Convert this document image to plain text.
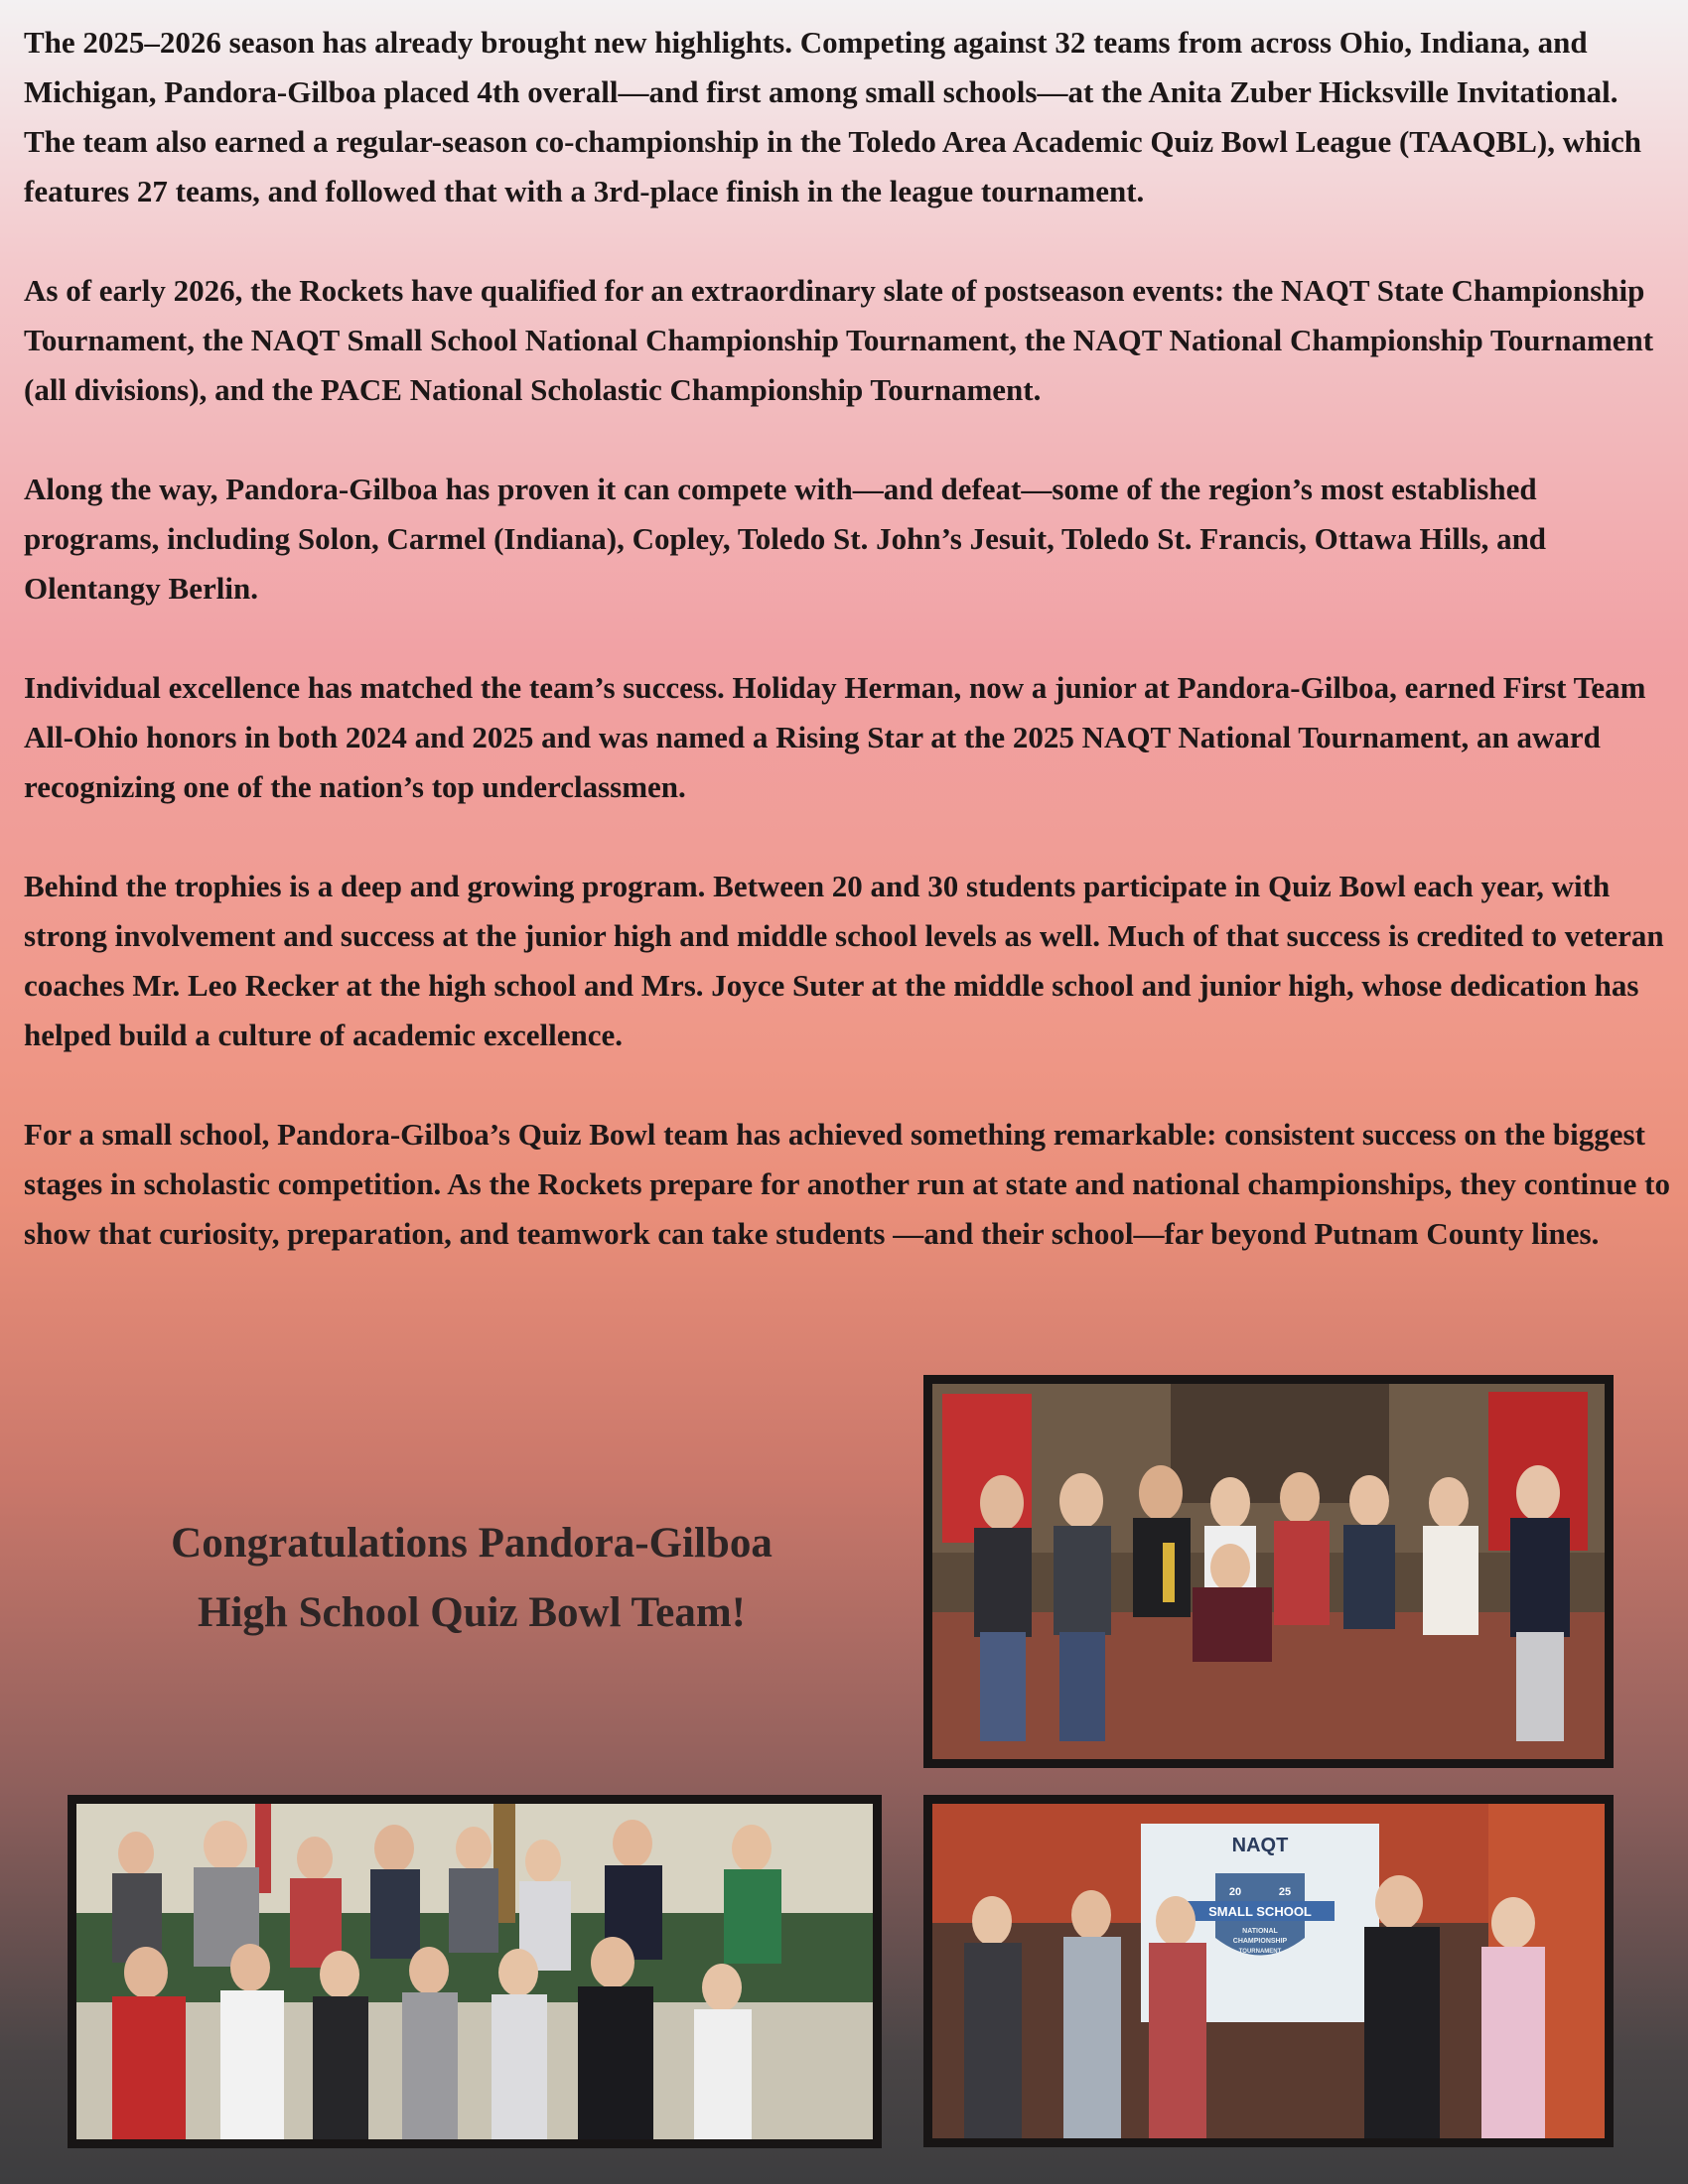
The 2025–2026 season has already brought new highlights. Competing against 32 teams from across Ohio, Indiana, and Michigan, Pandora-Gilboa placed 4th overall—and first among small schools—at the Anita Zuber Hicksville Invitational. The team also earned a regular-season co-championship in the Toledo Area Academic Quiz Bowl League (TAAQBL), which features 27 teams, and followed that with a 3rd-place finish in the league tournament.

As of early 2026, the Rockets have qualified for an extraordinary slate of postseason events: the NAQT State Championship Tournament, the NAQT Small School National Championship Tournament, the NAQT National Championship Tournament (all divisions), and the PACE National Scholastic Championship Tournament.

Along the way, Pandora-Gilboa has proven it can compete with—and defeat—some of the region’s most established programs, including Solon, Carmel (Indiana), Copley, Toledo St. John’s Jesuit, Toledo St. Francis, Ottawa Hills, and Olentangy Berlin.

Individual excellence has matched the team’s success. Holiday Herman, now a junior at Pandora-Gilboa, earned First Team All-Ohio honors in both 2024 and 2025 and was named a Rising Star at the 2025 NAQT National Tournament, an award recognizing one of the nation’s top underclassmen.

Behind the trophies is a deep and growing program. Between 20 and 30 students participate in Quiz Bowl each year, with strong involvement and success at the junior high and middle school levels as well. Much of that success is credited to veteran coaches Mr. Leo Recker at the high school and Mrs. Joyce Suter at the middle school and junior high, whose dedication has helped build a culture of academic excellence.

For a small school, Pandora-Gilboa’s Quiz Bowl team has achieved something remarkable: consistent success on the biggest stages in scholastic competition. As the Rockets prepare for another run at state and national championships, they continue to show that curiosity, preparation, and teamwork can take students —and their school—far beyond Putnam County lines.

Congratulations Pandora-Gilboa
High School Quiz Bowl Team!
NAQT
20	25
SMALL SCHOOL
NATIONAL
CHAMPIONSHIP
TOURNAMENT
